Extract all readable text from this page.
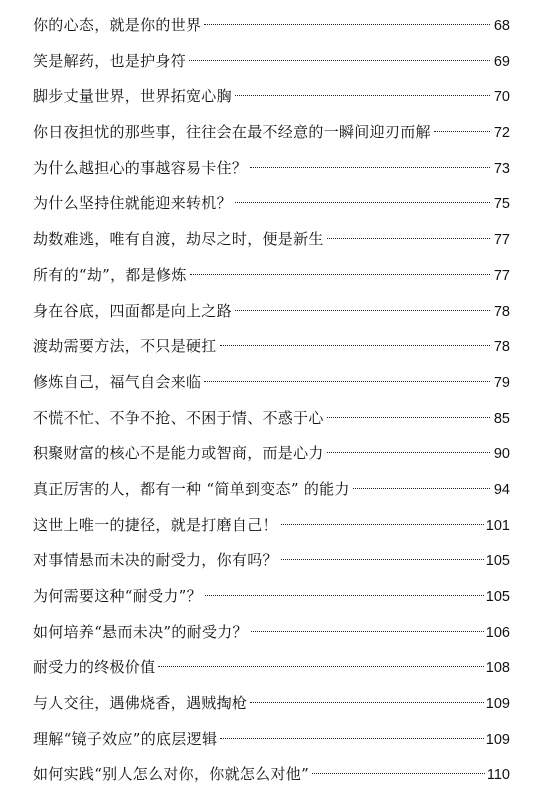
你的心态，就是你的世界	68
笑是解药，也是护身符	69
脚步丈量世界，世界拓宽心胸	70
你日夜担忧的那些事，往往会在最不经意的一瞬间迎刃而解	72
为什么越担心的事越容易卡住？	73
为什么坚持住就能迎来转机？	75
劫数难逃，唯有自渡，劫尽之时，便是新生	77
所有的“劫”，都是修炼	77
身在谷底，四面都是向上之路	78
渡劫需要方法，不只是硬扛	78
修炼自己，福气自会来临	79
不慌不忙、不争不抢、不困于情、不惑于心	85
积聚财富的核心不是能力或智商，而是心力	90
真正厉害的人，都有一种 “简单到变态” 的能力	94
这世上唯一的捷径，就是打磨自己！	101
对事情悬而未决的耐受力，你有吗？	105
为何需要这种“耐受力”？	105
如何培养“悬而未决”的耐受力？	106
耐受力的终极价值	108
与人交往，遇佛烧香，遇贼掏枪	109
理解“镜子效应”的底层逻辑	109
如何实践“别人怎么对你，你就怎么对他”	110
